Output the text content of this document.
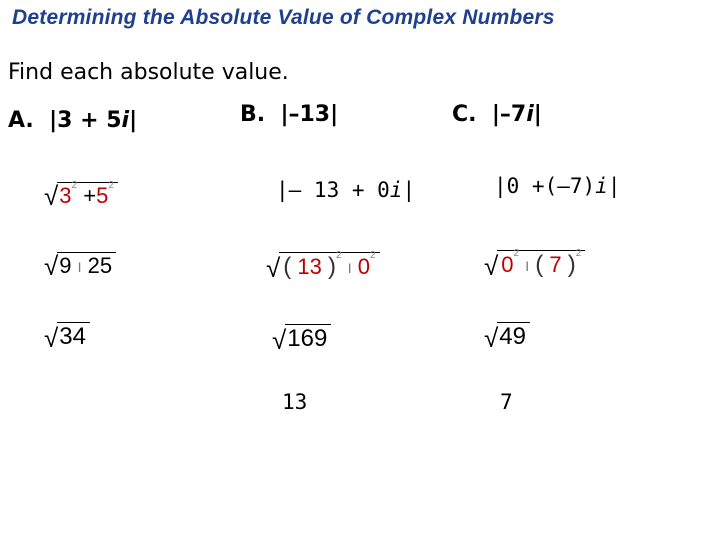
Determining the Absolute Value of Complex Numbers
Find each absolute value.
A. |3 + 5i|
$√3^2 +5^2$
√9 I 25
√34
B. |–13|
|– 13 + 0i|
√ ( 13 )$^2$ I $0^2$
√169
13
C. |–7i|
|0 +(–7)i|
√ $0^2$ I ( 7 )$^2$
√49
7
